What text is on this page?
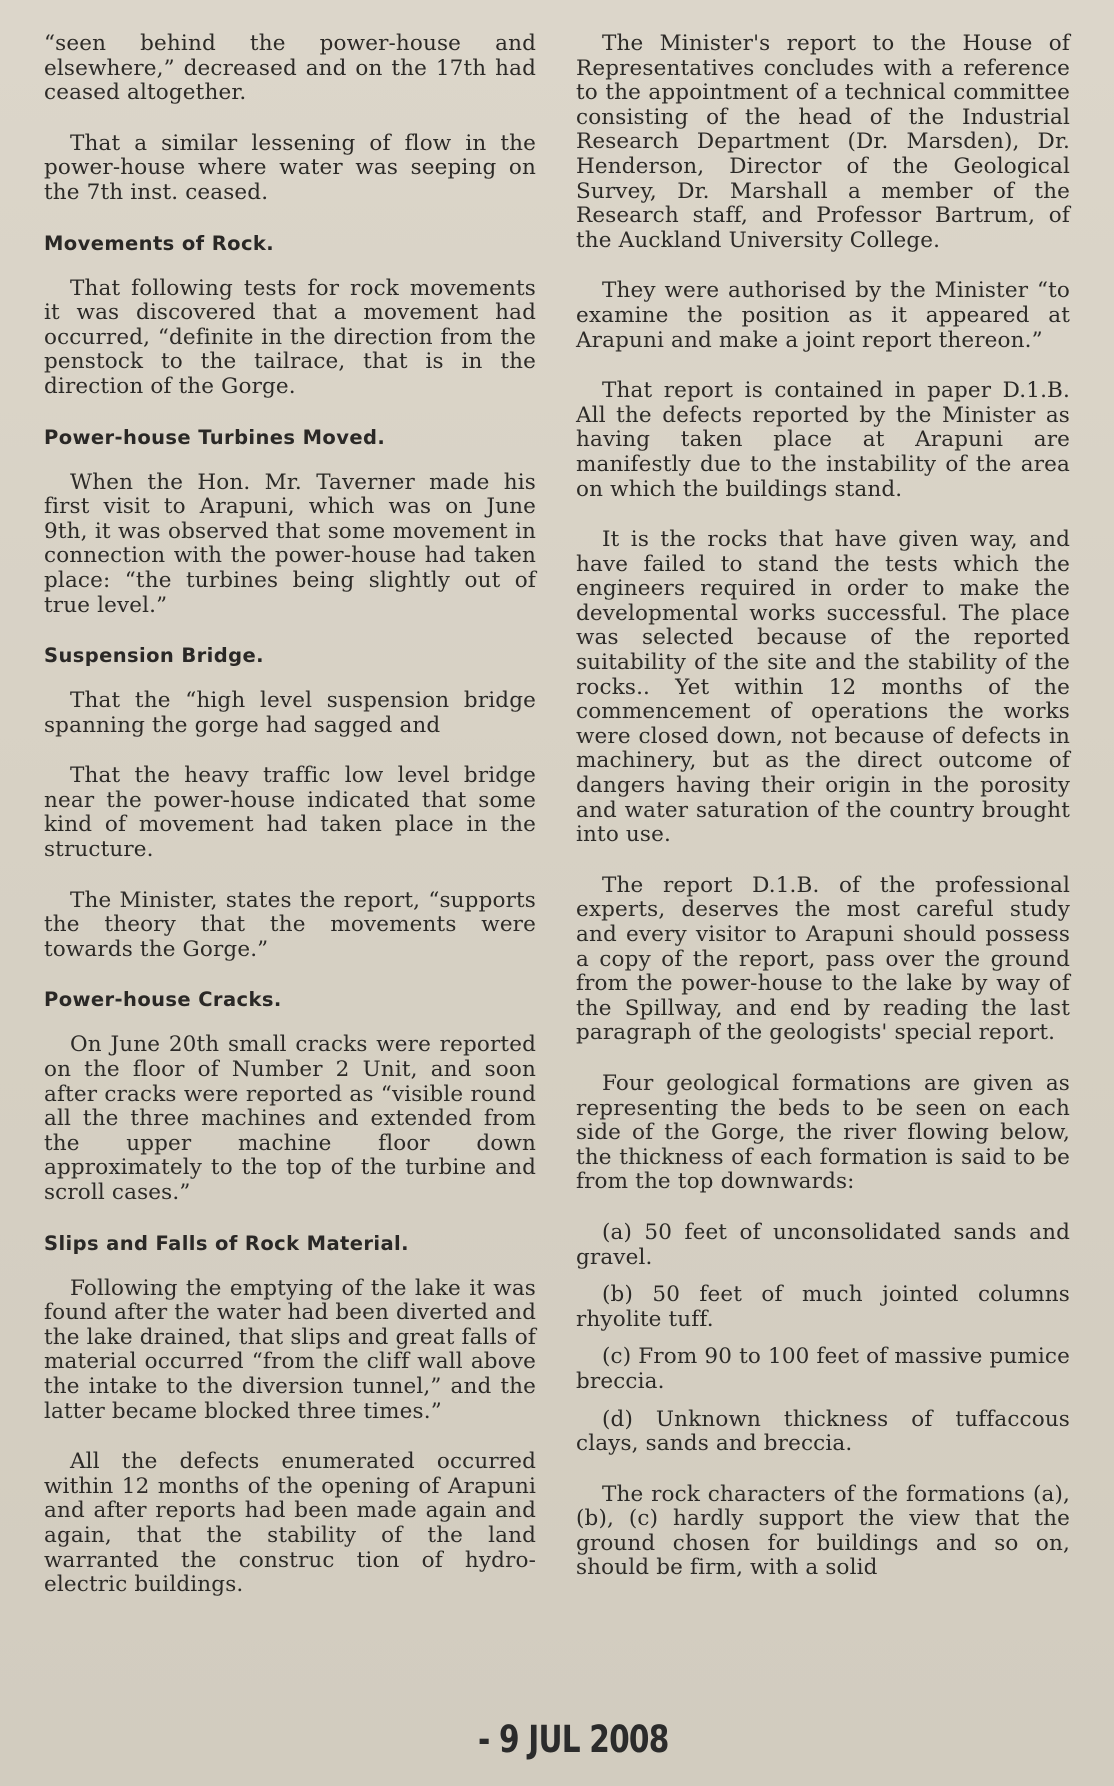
“seen behind the power-house and elsewhere,” decreased and on the 17th had ceased altogether.

That a similar lessening of flow in the power-house where water was seeping on the 7th inst. ceased.

Movements of Rock.

That following tests for rock movements it was discovered that a movement had occurred, “definite in the direction from the penstock to the tailrace, that is in the direction of the Gorge.

Power-house Turbines Moved.

When the Hon. Mr. Taverner made his first visit to Arapuni, which was on June 9th, it was observed that some movement in connection with the power-house had taken place: “the turbines being slightly out of true level.”

Suspension Bridge.

That the “high level suspension bridge spanning the gorge had sagged and

That the heavy traffic low level bridge near the power-house indicated that some kind of movement had taken place in the structure.

The Minister, states the report, “supports the theory that the movements were towards the Gorge.”

Power-house Cracks.

On June 20th small cracks were reported on the floor of Number 2 Unit, and soon after cracks were reported as “visible round all the three machines and extended from the upper machine floor down approximately to the top of the turbine and scroll cases.”

Slips and Falls of Rock Material.

Following the emptying of the lake it was found after the water had been diverted and the lake drained, that slips and great falls of material occurred “from the cliff wall above the intake to the diversion tunnel,” and the latter became blocked three times.”

All the defects enumerated occurred within 12 months of the opening of Arapuni and after reports had been made again and again, that the stability of the land warranted the construc tion of hydro-electric buildings.

The Minister's report to the House of Representatives concludes with a reference to the appointment of a technical committee consisting of the head of the Industrial Research Department (Dr. Marsden), Dr. Henderson, Director of the Geological Survey, Dr. Marshall a member of the Research staff, and Professor Bartrum, of the Auckland University College.

They were authorised by the Minister “to examine the position as it appeared at Arapuni and make a joint report thereon.”

That report is contained in paper D.1.B. All the defects reported by the Minister as having taken place at Arapuni are manifestly due to the instability of the area on which the buildings stand.

It is the rocks that have given way, and have failed to stand the tests which the engineers required in order to make the developmental works successful. The place was selected because of the reported suitability of the site and the stability of the rocks.. Yet within 12 months of the commencement of operations the works were closed down, not because of defects in machinery, but as the direct outcome of dangers having their origin in the porosity and water saturation of the country brought into use.

The report D.1.B. of the professional experts, deserves the most careful study and every visitor to Arapuni should possess a copy of the report, pass over the ground from the power-house to the lake by way of the Spillway, and end by reading the last paragraph of the geologists' special report.

Four geological formations are given as representing the beds to be seen on each side of the Gorge, the river flowing below, the thickness of each formation is said to be from the top downwards:

(a) 50 feet of unconsolidated sands and gravel.

(b) 50 feet of much jointed columns rhyolite tuff.

(c) From 90 to 100 feet of massive pumice breccia.

(d) Unknown thickness of tuffaccous clays, sands and breccia.

The rock characters of the formations (a), (b), (c) hardly support the view that the ground chosen for buildings and so on, should be firm, with a solid

- 9 JUL 2008
